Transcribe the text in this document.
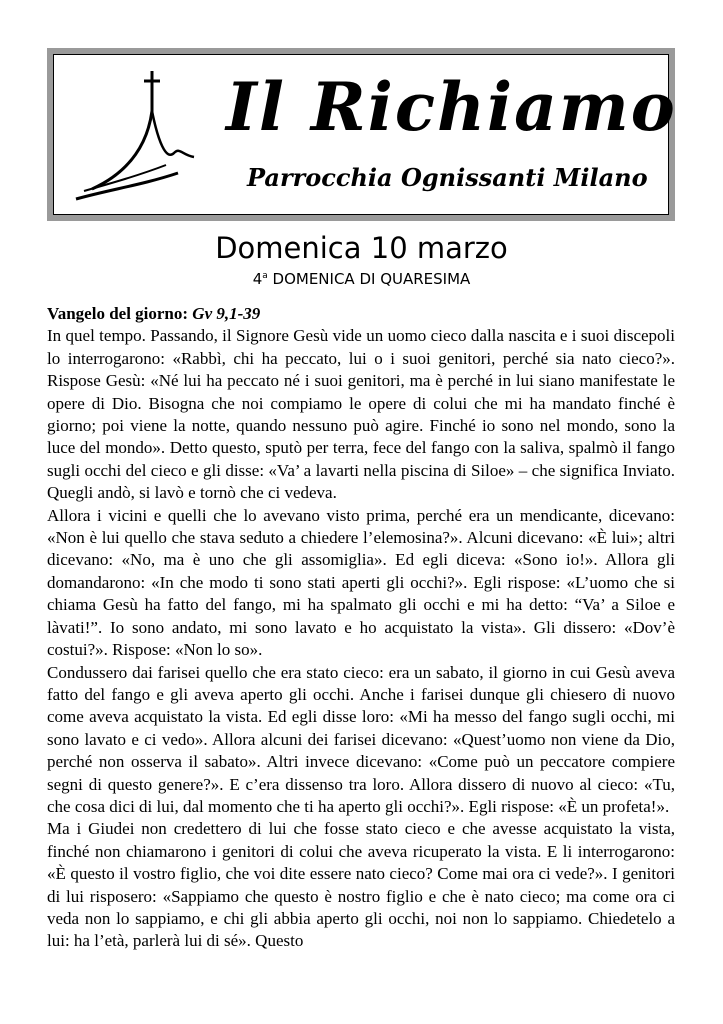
Il Richiamo
Parrocchia Ognissanti Milano
Domenica 10 marzo
4$^a$ DOMENICA DI QUARESIMA
Vangelo del giorno: Gv 9,1-39

In quel tempo. Passando, il Signore Gesù vide un uomo cieco dalla nascita e i suoi discepoli lo interrogarono: «Rabbì, chi ha peccato, lui o i suoi genitori, perché sia nato cieco?». Rispose Gesù: «Né lui ha peccato né i suoi genitori, ma è perché in lui siano manifestate le opere di Dio. Bisogna che noi compiamo le opere di colui che mi ha mandato finché è giorno; poi viene la notte, quando nessuno può agire. Finché io sono nel mondo, sono la luce del mondo». Detto questo, sputò per terra, fece del fango con la saliva, spalmò il fango sugli occhi del cieco e gli disse: «Va’ a lavarti nella piscina di Siloe» – che significa Inviato. Quegli andò, si lavò e tornò che ci vedeva.

Allora i vicini e quelli che lo avevano visto prima, perché era un mendicante, dicevano: «Non è lui quello che stava seduto a chiedere l’elemosina?». Alcuni dicevano: «È lui»; altri dicevano: «No, ma è uno che gli assomiglia». Ed egli diceva: «Sono io!». Allora gli domandarono: «In che modo ti sono stati aperti gli occhi?». Egli rispose: «L’uomo che si chiama Gesù ha fatto del fango, mi ha spalmato gli occhi e mi ha detto: “Va’ a Siloe e làvati!”. Io sono andato, mi sono lavato e ho acquistato la vista». Gli dissero: «Dov’è costui?». Rispose: «Non lo so».

Condussero dai farisei quello che era stato cieco: era un sabato, il giorno in cui Gesù aveva fatto del fango e gli aveva aperto gli occhi. Anche i farisei dunque gli chiesero di nuovo come aveva acquistato la vista. Ed egli disse loro: «Mi ha messo del fango sugli occhi, mi sono lavato e ci vedo». Allora alcuni dei farisei dicevano: «Quest’uomo non viene da Dio, perché non osserva il sabato». Altri invece dicevano: «Come può un peccatore compiere segni di questo genere?». E c’era dissenso tra loro. Allora dissero di nuovo al cieco: «Tu, che cosa dici di lui, dal momento che ti ha aperto gli occhi?». Egli rispose: «È un profeta!».

Ma i Giudei non credettero di lui che fosse stato cieco e che avesse acquistato la vista, finché non chiamarono i genitori di colui che aveva ricuperato la vista. E li interrogarono: «È questo il vostro figlio, che voi dite essere nato cieco? Come mai ora ci vede?». I genitori di lui risposero: «Sappiamo che questo è nostro figlio e che è nato cieco; ma come ora ci veda non lo sappiamo, e chi gli abbia aperto gli occhi, noi non lo sappiamo. Chiedetelo a lui: ha l’età, parlerà lui di sé». Questo
